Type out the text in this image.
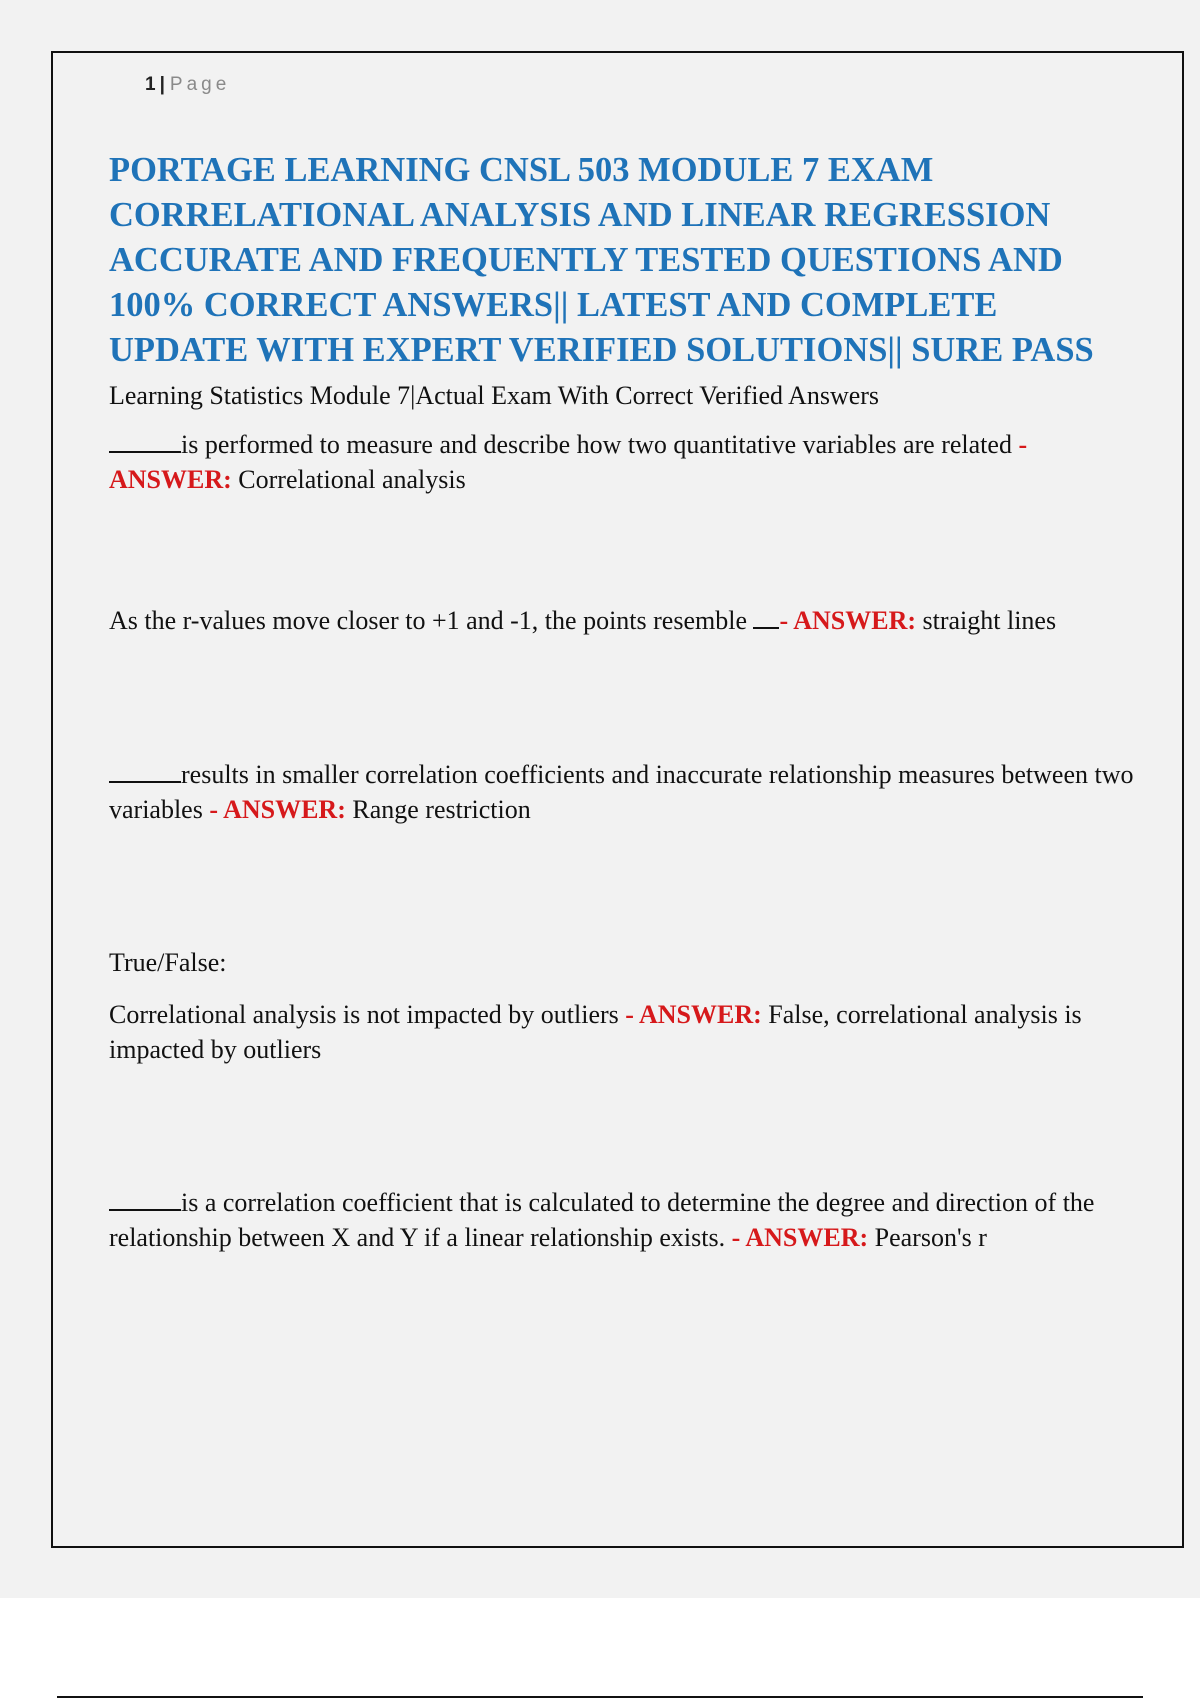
1 | Page
PORTAGE LEARNING CNSL 503 MODULE 7 EXAM CORRELATIONAL ANALYSIS AND LINEAR REGRESSION ACCURATE AND FREQUENTLY TESTED QUESTIONS AND 100% CORRECT ANSWERS|| LATEST AND COMPLETE UPDATE WITH EXPERT VERIFIED SOLUTIONS|| SURE PASS

Learning Statistics Module 7|Actual Exam With Correct Verified Answers

is performed to measure and describe how two quantitative variables are related - ANSWER: Correlational analysis

As the r-values move closer to +1 and -1, the points resemble - ANSWER: straight lines

results in smaller correlation coefficients and inaccurate relationship measures between two variables - ANSWER: Range restriction

True/False:

Correlational analysis is not impacted by outliers - ANSWER: False, correlational analysis is impacted by outliers

is a correlation coefficient that is calculated to determine the degree and direction of the relationship between X and Y if a linear relationship exists. - ANSWER: Pearson's r
